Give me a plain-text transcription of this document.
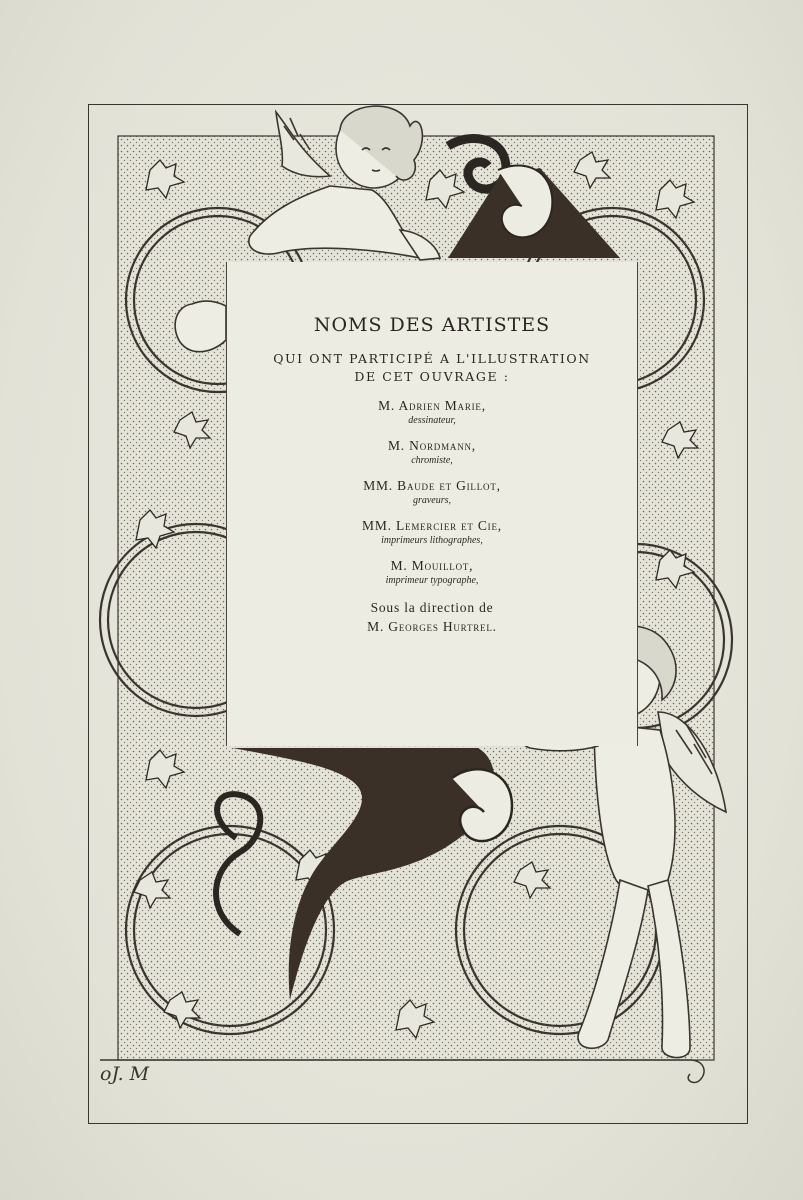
NOMS DES ARTISTES
QUI ONT PARTICIPÉ A L'ILLUSTRATION
DE CET OUVRAGE :
M. Adrien Marie,
dessinateur,
M. Nordmann,
chromiste,
MM. Baude et Gillot,
graveurs,
MM. Lemercier et Cie,
imprimeurs lithographes,
M. Mouillot,
imprimeur typographe,
Sous la direction de
M. Georges Hurtrel.
oJ. M
